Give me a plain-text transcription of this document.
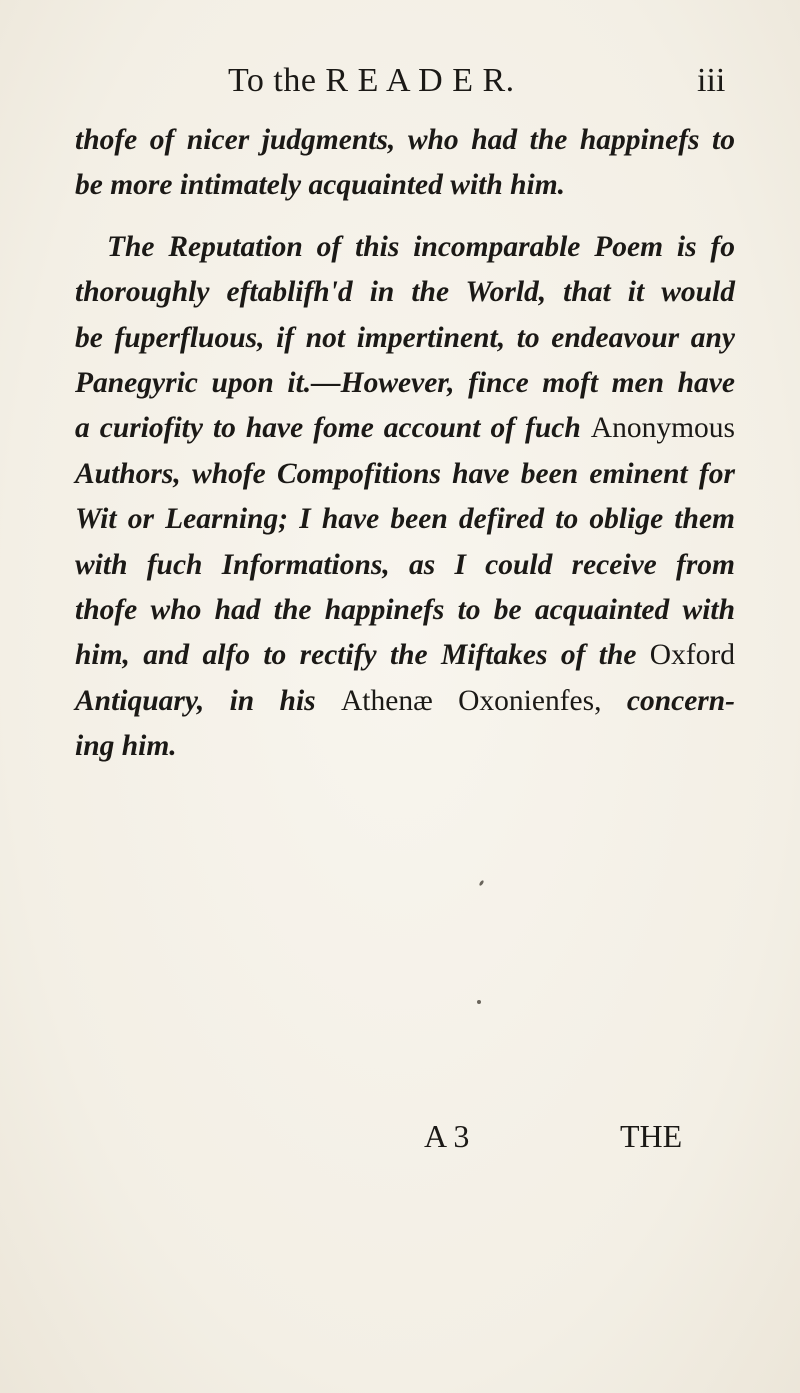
To the R E A D E R.	iii
thofe of nicer judgments, who had the happinefs to
be more intimately acquainted with him.
The Reputation of this incomparable Poem is fo
thoroughly eftablifh'd in the World, that it would
be fuperfluous, if not impertinent, to endeavour any
Panegyric upon it.—However, fince moft men have
a curiofity to have fome account of fuch Anonymous
Authors, whofe Compofitions have been eminent for
Wit or Learning; I have been defired to oblige them
with fuch Informations, as I could receive from
thofe who had the happinefs to be acquainted with
him, and alfo to rectify the Miftakes of the Oxford
Antiquary, in his Athenæ Oxonienfes, concern-
ing him.
A 3	THE
